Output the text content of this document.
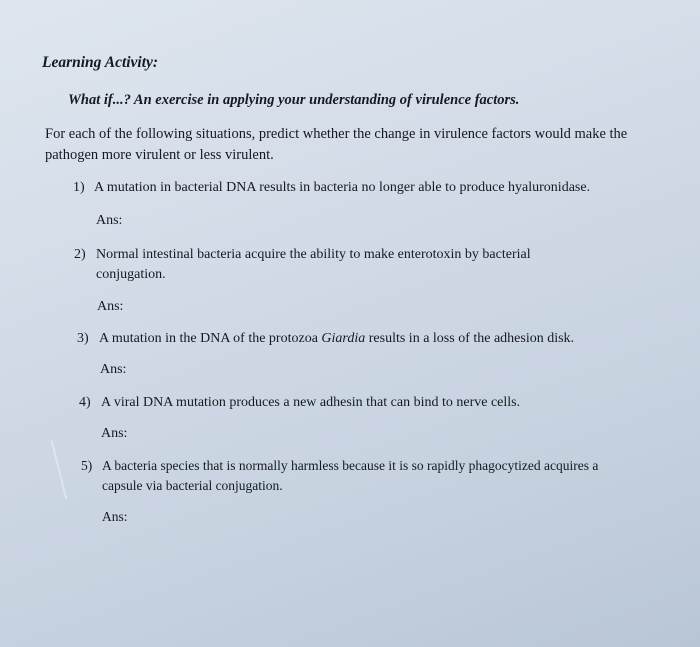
Learning Activity:
What if...? An exercise in applying your understanding of virulence factors.
For each of the following situations, predict whether the change in virulence factors would make the pathogen more virulent or less virulent.
1) A mutation in bacterial DNA results in bacteria no longer able to produce hyaluronidase.
Ans:
2) Normal intestinal bacteria acquire the ability to make enterotoxin by bacterial conjugation.
Ans:
3) A mutation in the DNA of the protozoa Giardia results in a loss of the adhesion disk.
Ans:
4) A viral DNA mutation produces a new adhesin that can bind to nerve cells.
Ans:
5) A bacteria species that is normally harmless because it is so rapidly phagocytized acquires a capsule via bacterial conjugation.
Ans:
